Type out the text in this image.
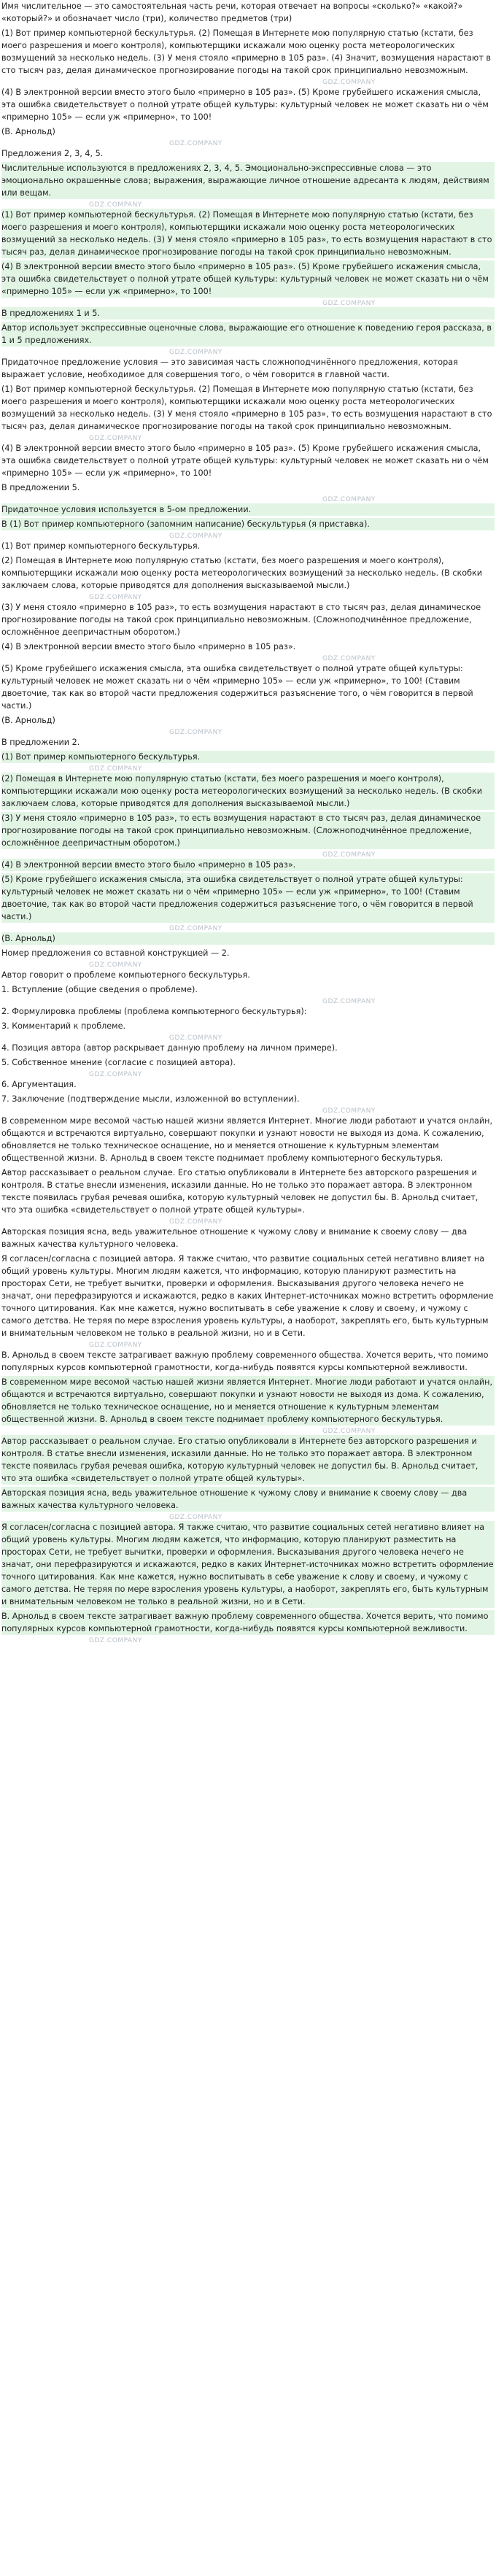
Имя числительное — это самостоятельная часть речи, которая отвечает на вопросы «сколько?» «какой?» «который?» и обозначает число (три), количество предметов (три)

(1) Вот пример компьютерной бескультурья. (2) Помещая в Интернете мою популярную статью (кстати, без моего разрешения и моего контроля), компьютерщики искажали мою оценку роста метеорологических возмущений за несколько недель. (3) У меня стояло «примерно в 105 раз». (4) Значит, возмущения нарастают в сто тысяч раз, делая динамическое прогнозирование погоды на такой срок принципиально невозможным.

GDZ.COMPANY

(4) В электронной версии вместо этого было «примерно в 105 раз». (5) Кроме грубейшего искажения смысла, эта ошибка свидетельствует о полной утрате общей культуры: культурный человек не может сказать ни о чём «примерно 105» — если уж «примерно», то 100!

(В. Арнольд)

GDZ.COMPANY

Предложения 2, 3, 4, 5.

Числительные используются в предложениях 2, 3, 4, 5. Эмоционально-экспрессивные слова — это эмоционально окрашенные слова; выражения, выражающие личное отношение адресанта к людям, действиям или вещам.

GDZ.COMPANY

(1) Вот пример компьютерной бескультурья. (2) Помещая в Интернете мою популярную статью (кстати, без моего разрешения и моего контроля), компьютерщики искажали мою оценку роста метеорологических возмущений за несколько недель. (3) У меня стояло «примерно в 105 раз», то есть возмущения нарастают в сто тысяч раз, делая динамическое прогнозирование погоды на такой срок принципиально невозможным.

(4) В электронной версии вместо этого было «примерно в 105 раз». (5) Кроме грубейшего искажения смысла, эта ошибка свидетельствует о полной утрате общей культуры: культурный человек не может сказать ни о чём «примерно 105» — если уж «примерно», то 100!

GDZ.COMPANY

В предложениях 1 и 5.

Автор использует экспрессивные оценочные слова, выражающие его отношение к поведению героя рассказа, в 1 и 5 предложениях.

GDZ.COMPANY

Придаточное предложение условия — это зависимая часть сложноподчинённого предложения, которая выражает условие, необходимое для совершения того, о чём говорится в главной части.

(1) Вот пример компьютерной бескультурья. (2) Помещая в Интернете мою популярную статью (кстати, без моего разрешения и моего контроля), компьютерщики искажали мою оценку роста метеорологических возмущений за несколько недель. (3) У меня стояло «примерно в 105 раз», то есть возмущения нарастают в сто тысяч раз, делая динамическое прогнозирование погоды на такой срок принципиально невозможным.

GDZ.COMPANY

(4) В электронной версии вместо этого было «примерно в 105 раз». (5) Кроме грубейшего искажения смысла, эта ошибка свидетельствует о полной утрате общей культуры: культурный человек не может сказать ни о чём «примерно 105» — если уж «примерно», то 100!

В предложении 5.

GDZ.COMPANY

Придаточное условия используется в 5-ом предложении.

В (1) Вот пример компьютерного (запомним написание) бескультурья (я приставка).

GDZ.COMPANY

(1) Вот пример компьютерного бескультурья.

(2) Помещая в Интернете мою популярную статью (кстати, без моего разрешения и моего контроля), компьютерщики искажали мою оценку роста метеорологических возмущений за несколько недель. (В скобки заключаем слова, которые приводятся для дополнения высказываемой мысли.)

GDZ.COMPANY

(3) У меня стояло «примерно в 105 раз», то есть возмущения нарастают в сто тысяч раз, делая динамическое прогнозирование погоды на такой срок принципиально невозможным. (Сложноподчинённое предложение, осложнённое деепричастным оборотом.)

(4) В электронной версии вместо этого было «примерно в 105 раз».

GDZ.COMPANY

(5) Кроме грубейшего искажения смысла, эта ошибка свидетельствует о полной утрате общей культуры: культурный человек не может сказать ни о чём «примерно 105» — если уж «примерно», то 100! (Ставим двоеточие, так как во второй части предложения содержиться разъяснение того, о чём говорится в первой части.)

(В. Арнольд)

GDZ.COMPANY

В предложении 2.

(1) Вот пример компьютерного бескультурья.

GDZ.COMPANY

(2) Помещая в Интернете мою популярную статью (кстати, без моего разрешения и моего контроля), компьютерщики искажали мою оценку роста метеорологических возмущений за несколько недель. (В скобки заключаем слова, которые приводятся для дополнения высказываемой мысли.)

(3) У меня стояло «примерно в 105 раз», то есть возмущения нарастают в сто тысяч раз, делая динамическое прогнозирование погоды на такой срок принципиально невозможным. (Сложноподчинённое предложение, осложнённое деепричастным оборотом.)

GDZ.COMPANY

(4) В электронной версии вместо этого было «примерно в 105 раз».

(5) Кроме грубейшего искажения смысла, эта ошибка свидетельствует о полной утрате общей культуры: культурный человек не может сказать ни о чём «примерно 105» — если уж «примерно», то 100! (Ставим двоеточие, так как во второй части предложения содержиться разъяснение того, о чём говорится в первой части.)

GDZ.COMPANY

(В. Арнольд)

Номер предложения со вставной конструкцией — 2.

GDZ.COMPANY

Автор говорит о проблеме компьютерного бескультурья.

1. Вступление (общие сведения о проблеме).

GDZ.COMPANY

2. Формулировка проблемы (проблема компьютерного бескультурья):

3. Комментарий к проблеме.

GDZ.COMPANY

4. Позиция автора (автор раскрывает данную проблему на личном примере).

5. Собственное мнение (согласие с позицией автора).

GDZ.COMPANY

6. Аргументация.

7. Заключение (подтверждение мысли, изложенной во вступлении).

GDZ.COMPANY

В современном мире весомой частью нашей жизни является Интернет. Многие люди работают и учатся онлайн, общаются и встречаются виртуально, совершают покупки и узнают новости не выходя из дома. К сожалению, обновляется не только техническое оснащение, но и меняется отношение к культурным элементам общественной жизни. В. Арнольд в своем тексте поднимает проблему компьютерного бескультурья.

Автор рассказывает о реальном случае. Его статью опубликовали в Интернете без авторского разрешения и контроля. В статье внесли изменения, исказили данные. Но не только это поражает автора. В электронном тексте появилась грубая речевая ошибка, которую культурный человек не допустил бы. В. Арнольд считает, что эта ошибка «свидетельствует о полной утрате общей культуры».

GDZ.COMPANY

Авторская позиция ясна, ведь уважительное отношение к чужому слову и внимание к своему слову — два важных качества культурного человека.

Я согласен/согласна с позицией автора. Я также считаю, что развитие социальных сетей негативно влияет на общий уровень культуры. Многим людям кажется, что информацию, которую планируют разместить на просторах Сети, не требует вычитки, проверки и оформления. Высказывания другого человека нечего не значат, они перефразируются и искажаются, редко в каких Интернет-источниках можно встретить оформление точного цитирования. Как мне кажется, нужно воспитывать в себе уважение к слову и своему, и чужому с самого детства. Не теряя по мере взросления уровень культуры, а наоборот, закреплять его, быть культурным и внимательным человеком не только в реальной жизни, но и в Сети.

GDZ.COMPANY

В. Арнольд в своем тексте затрагивает важную проблему современного общества. Хочется верить, что помимо популярных курсов компьютерной грамотности, когда-нибудь появятся курсы компьютерной вежливости.

В современном мире весомой частью нашей жизни является Интернет. Многие люди работают и учатся онлайн, общаются и встречаются виртуально, совершают покупки и узнают новости не выходя из дома. К сожалению, обновляется не только техническое оснащение, но и меняется отношение к культурным элементам общественной жизни. В. Арнольд в своем тексте поднимает проблему компьютерного бескультурья.

GDZ.COMPANY

Автор рассказывает о реальном случае. Его статью опубликовали в Интернете без авторского разрешения и контроля. В статье внесли изменения, исказили данные. Но не только это поражает автора. В электронном тексте появилась грубая речевая ошибка, которую культурный человек не допустил бы. В. Арнольд считает, что эта ошибка «свидетельствует о полной утрате общей культуры».

Авторская позиция ясна, ведь уважительное отношение к чужому слову и внимание к своему слову — два важных качества культурного человека.

GDZ.COMPANY

Я согласен/согласна с позицией автора. Я также считаю, что развитие социальных сетей негативно влияет на общий уровень культуры. Многим людям кажется, что информацию, которую планируют разместить на просторах Сети, не требует вычитки, проверки и оформления. Высказывания другого человека нечего не значат, они перефразируются и искажаются, редко в каких Интернет-источниках можно встретить оформление точного цитирования. Как мне кажется, нужно воспитывать в себе уважение к слову и своему, и чужому с самого детства. Не теряя по мере взросления уровень культуры, а наоборот, закреплять его, быть культурным и внимательным человеком не только в реальной жизни, но и в Сети.

В. Арнольд в своем тексте затрагивает важную проблему современного общества. Хочется верить, что помимо популярных курсов компьютерной грамотности, когда-нибудь появятся курсы компьютерной вежливости.

GDZ.COMPANY
